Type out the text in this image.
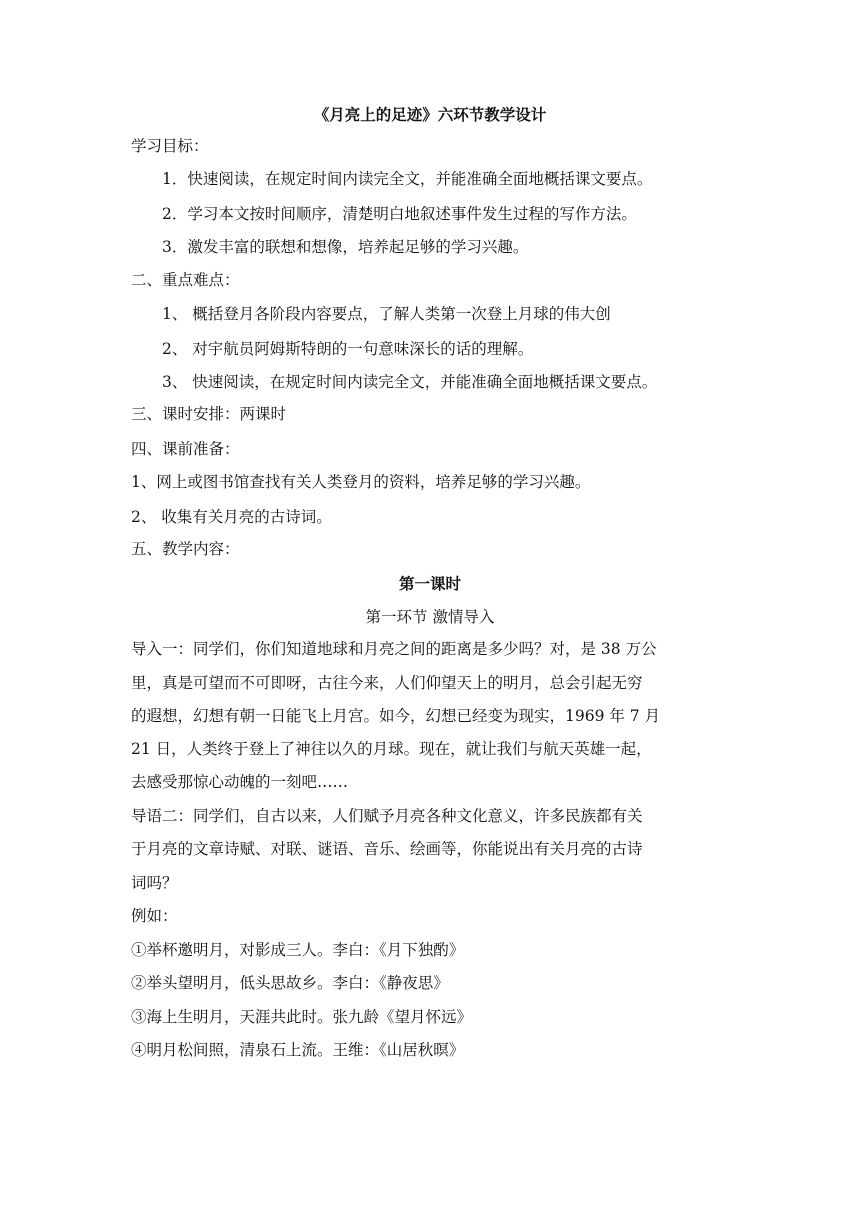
《月亮上的足迹》六环节教学设计
学习目标：
1．快速阅读，在规定时间内读完全文，并能准确全面地概括课文要点。
2．学习本文按时间顺序，清楚明白地叙述事件发生过程的写作方法。
3．激发丰富的联想和想像，培养起足够的学习兴趣。
二、重点难点：
1、 概括登月各阶段内容要点，了解人类第一次登上月球的伟大创
2、 对宇航员阿姆斯特朗的一句意味深长的话的理解。
3、 快速阅读，在规定时间内读完全文，并能准确全面地概括课文要点。
三、课时安排：两课时
四、课前准备：
1、网上或图书馆查找有关人类登月的资料，培养足够的学习兴趣。
2、 收集有关月亮的古诗词。
五、教学内容：
第一课时
第一环节 激情导入
导入一：同学们，你们知道地球和月亮之间的距离是多少吗？对，是 38 万公
里，真是可望而不可即呀，古往今来，人们仰望天上的明月，总会引起无穷
的遐想，幻想有朝一日能飞上月宫。如今，幻想已经变为现实，1969 年 7 月
21 日，人类终于登上了神往以久的月球。现在，就让我们与航天英雄一起，
去感受那惊心动魄的一刻吧……
导语二：同学们，自古以来，人们赋予月亮各种文化意义，许多民族都有关
于月亮的文章诗赋、对联、谜语、音乐、绘画等，你能说出有关月亮的古诗
词吗？
例如：
①举杯邀明月，对影成三人。李白：《月下独酌》
②举头望明月，低头思故乡。李白：《静夜思》
③海上生明月，天涯共此时。张九龄《望月怀远》
④明月松间照，清泉石上流。王维：《山居秋暝》
